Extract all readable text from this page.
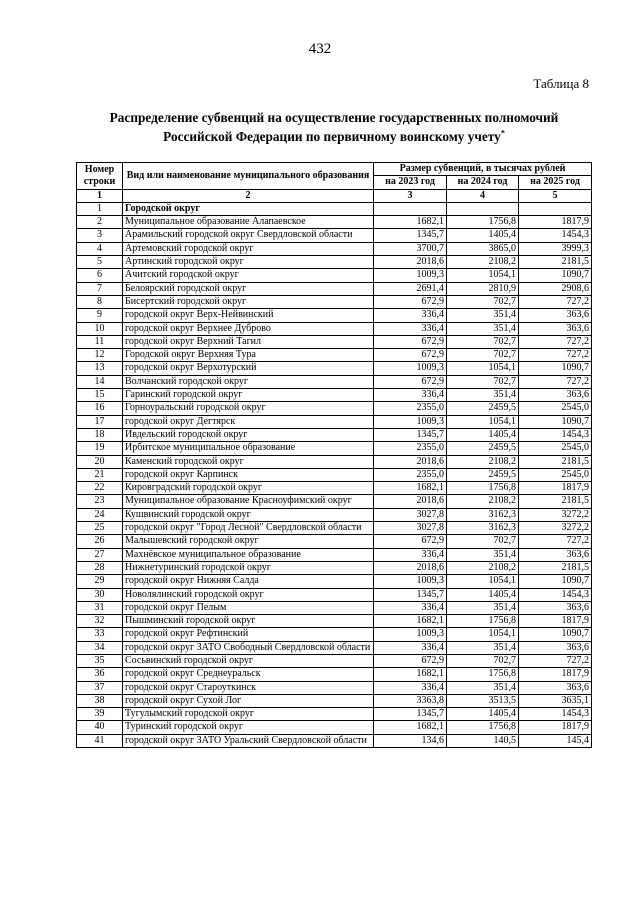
432
Таблица 8
Распределение субвенций на осуществление государственных полномочий
Российской Федерации по первичному воинскому учету*
Номер строки	Вид или наименование муниципального образования	Размер субвенций, в тысячах рублей		
		на 2023 год	на 2024 год	на 2025 год
1	2	3	4	5
1	Городской округ			
2	Муниципальное образование Алапаевское	1682,1	1756,8	1817,9
3	Арамильский городской округ Свердловской области	1345,7	1405,4	1454,3
4	Артемовский городской округ	3700,7	3865,0	3999,3
5	Артинский городской округ	2018,6	2108,2	2181,5
6	Ачитский городской округ	1009,3	1054,1	1090,7
7	Белоярский городской округ	2691,4	2810,9	2908,6
8	Бисертский городской округ	672,9	702,7	727,2
9	городской округ Верх-Нейвинский	336,4	351,4	363,6
10	городской округ Верхнее Дуброво	336,4	351,4	363,6
11	городской округ Верхний Тагил	672,9	702,7	727,2
12	Городской округ Верхняя Тура	672,9	702,7	727,2
13	городской округ Верхотурский	1009,3	1054,1	1090,7
14	Волчанский городской округ	672,9	702,7	727,2
15	Гаринский городской округ	336,4	351,4	363,6
16	Горноуральский городской округ	2355,0	2459,5	2545,0
17	городской округ Дегтярск	1009,3	1054,1	1090,7
18	Ивдельский городской округ	1345,7	1405,4	1454,3
19	Ирбитское муниципальное образование	2355,0	2459,5	2545,0
20	Каменский городской округ	2018,6	2108,2	2181,5
21	городской округ Карпинск	2355,0	2459,5	2545,0
22	Кировградский городской округ	1682,1	1756,8	1817,9
23	Муниципальное образование Красноуфимский округ	2018,6	2108,2	2181,5
24	Кушвинский городской округ	3027,8	3162,3	3272,2
25	городской округ "Город Лесной" Свердловской области	3027,8	3162,3	3272,2
26	Малышевский городской округ	672,9	702,7	727,2
27	Махнёвское муниципальное образование	336,4	351,4	363,6
28	Нижнетуринский городской округ	2018,6	2108,2	2181,5
29	городской округ Нижняя Салда	1009,3	1054,1	1090,7
30	Новолялинский городской округ	1345,7	1405,4	1454,3
31	городской округ Пелым	336,4	351,4	363,6
32	Пышминский городской округ	1682,1	1756,8	1817,9
33	городской округ Рефтинский	1009,3	1054,1	1090,7
34	городской округ ЗАТО Свободный Свердловской области	336,4	351,4	363,6
35	Сосьвинский городской округ	672,9	702,7	727,2
36	городской округ Среднеуральск	1682,1	1756,8	1817,9
37	городской округ Староуткинск	336,4	351,4	363,6
38	городской округ Сухой Лог	3363,8	3513,5	3635,1
39	Тугулымский городской округ	1345,7	1405,4	1454,3
40	Туринский городской округ	1682,1	1756,8	1817,9
41	городской округ ЗАТО Уральский Свердловской области	134,6	140,5	145,4
